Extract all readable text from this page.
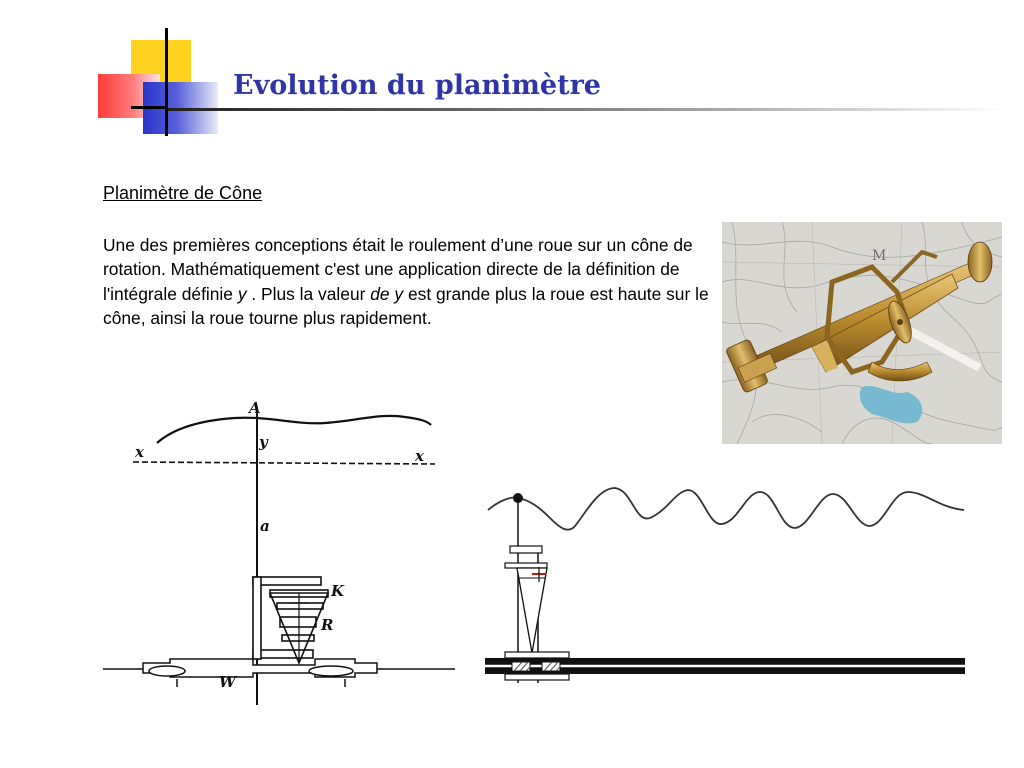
Evolution du planimètre

Planimètre de Cône

Une des premières conceptions était le roulement d’une roue sur un cône de rotation. Mathématiquement c'est une application directe de la définition de l'intégrale définie y . Plus la valeur de y est grande plus la roue est haute sur le cône, ainsi la roue tourne plus rapidement.

M
A
y
x	x
a
K
R
W
